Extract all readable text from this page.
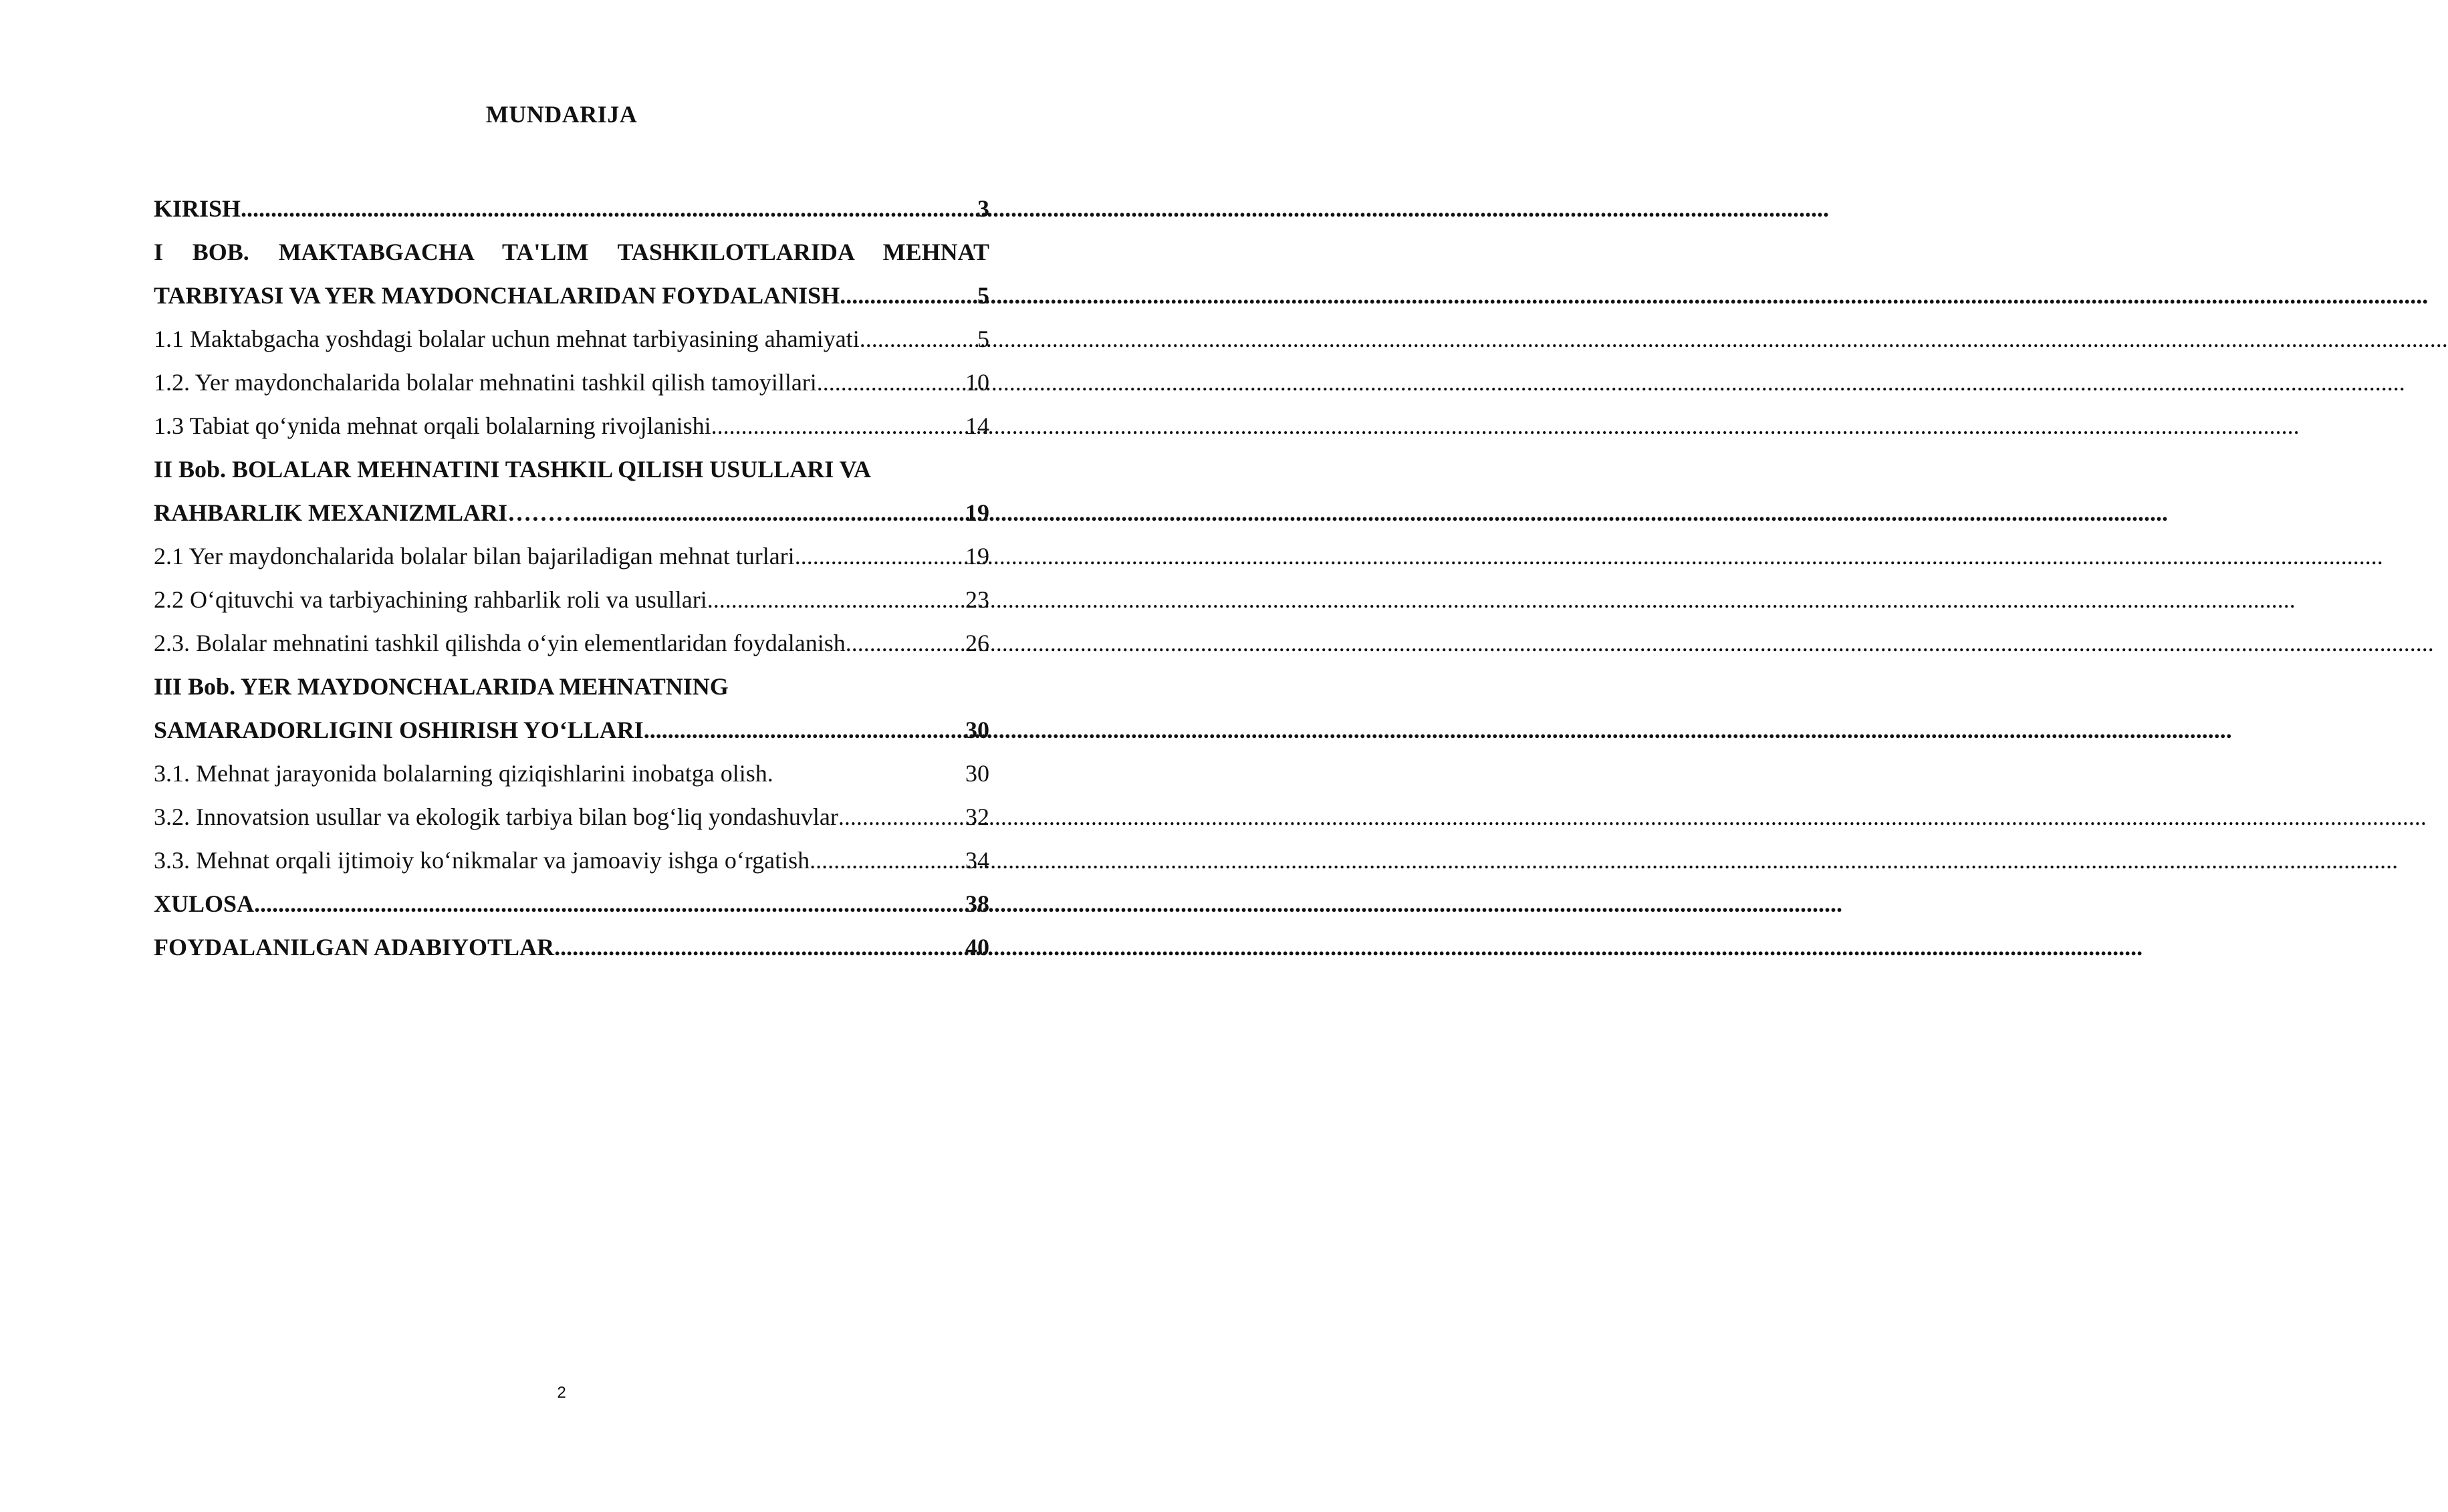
MUNDARIJA
KIRISH .....	3
I BOB. MAKTABGACHA TA'LIM TASHKILOTLARIDA MEHNAT
TARBIYASI VA YER MAYDONCHALARIDAN FOYDALANISH .....	5
1.1 Maktabgacha yoshdagi bolalar uchun mehnat tarbiyasining ahamiyati .....	5
1.2. Yer maydonchalarida bolalar mehnatini tashkil qilish tamoyillari .....	10
1.3 Tabiat qo‘ynida mehnat orqali bolalarning rivojlanishi .....	14
II Bob. BOLALAR MEHNATINI TASHKIL QILISH USULLARI VA
RAHBARLIK MEXANIZMLARI……… .....	19
2.1 Yer maydonchalarida bolalar bilan bajariladigan mehnat turlari .....	19
2.2 O‘qituvchi va tarbiyachining rahbarlik roli va usullari .....	23
2.3. Bolalar mehnatini tashkil qilishda o‘yin elementlaridan foydalanish .....	26
III Bob. YER MAYDONCHALARIDA MEHNATNING
SAMARADORLIGINI OSHIRISH YO‘LLARI .....	30
3.1. Mehnat jarayonida bolalarning qiziqishlarini inobatga olish.	30
3.2. Innovatsion usullar va ekologik tarbiya bilan bog‘liq yondashuvlar .....	32
3.3. Mehnat orqali ijtimoiy ko‘nikmalar va jamoaviy ishga o‘rgatish .....	34
XULOSA .....	38
FOYDALANILGAN ADABIYOTLAR .....	40
2
